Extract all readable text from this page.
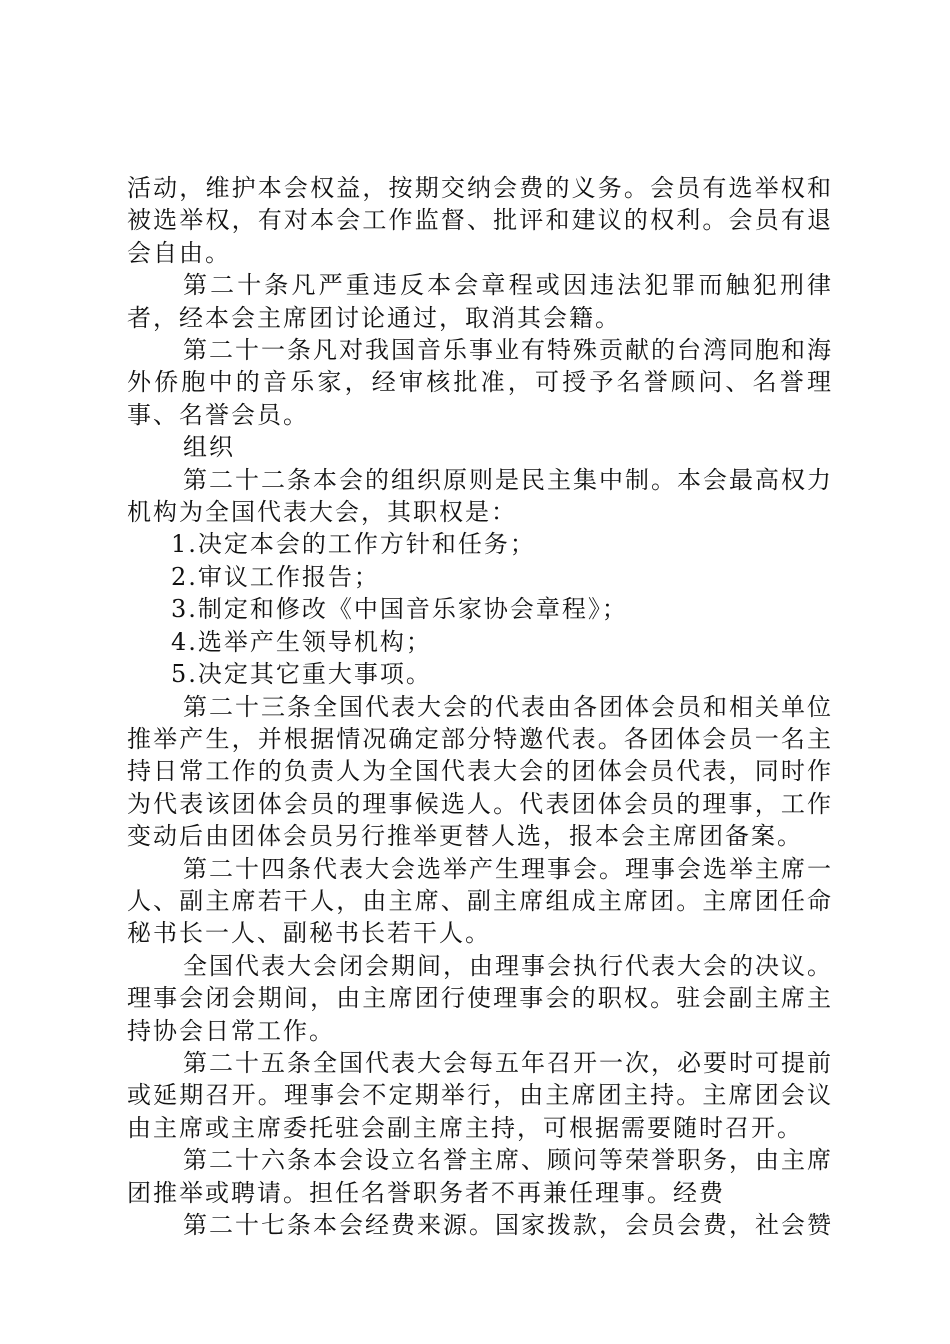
活动，维护本会权益，按期交纳会费的义务。会员有选举权和被选举权，有对本会工作监督、批评和建议的权利。会员有退会自由。

第二十条凡严重违反本会章程或因违法犯罪而触犯刑律者，经本会主席团讨论通过，取消其会籍。

第二十一条凡对我国音乐事业有特殊贡献的台湾同胞和海外侨胞中的音乐家，经审核批准，可授予名誉顾问、名誉理事、名誉会员。

组织

第二十二条本会的组织原则是民主集中制。本会最高权力机构为全国代表大会，其职权是：

1.决定本会的工作方针和任务；

2.审议工作报告；

3.制定和修改《中国音乐家协会章程》；

4.选举产生领导机构；

5.决定其它重大事项。

第二十三条全国代表大会的代表由各团体会员和相关单位推举产生，并根据情况确定部分特邀代表。各团体会员一名主持日常工作的负责人为全国代表大会的团体会员代表，同时作为代表该团体会员的理事候选人。代表团体会员的理事，工作变动后由团体会员另行推举更替人选，报本会主席团备案。

第二十四条代表大会选举产生理事会。理事会选举主席一人、副主席若干人，由主席、副主席组成主席团。主席团任命秘书长一人、副秘书长若干人。

全国代表大会闭会期间，由理事会执行代表大会的决议。理事会闭会期间，由主席团行使理事会的职权。驻会副主席主持协会日常工作。

第二十五条全国代表大会每五年召开一次，必要时可提前或延期召开。理事会不定期举行，由主席团主持。主席团会议由主席或主席委托驻会副主席主持，可根据需要随时召开。

第二十六条本会设立名誉主席、顾问等荣誉职务，由主席团推举或聘请。担任名誉职务者不再兼任理事。经费

第二十七条本会经费来源。国家拨款，会员会费，社会赞
